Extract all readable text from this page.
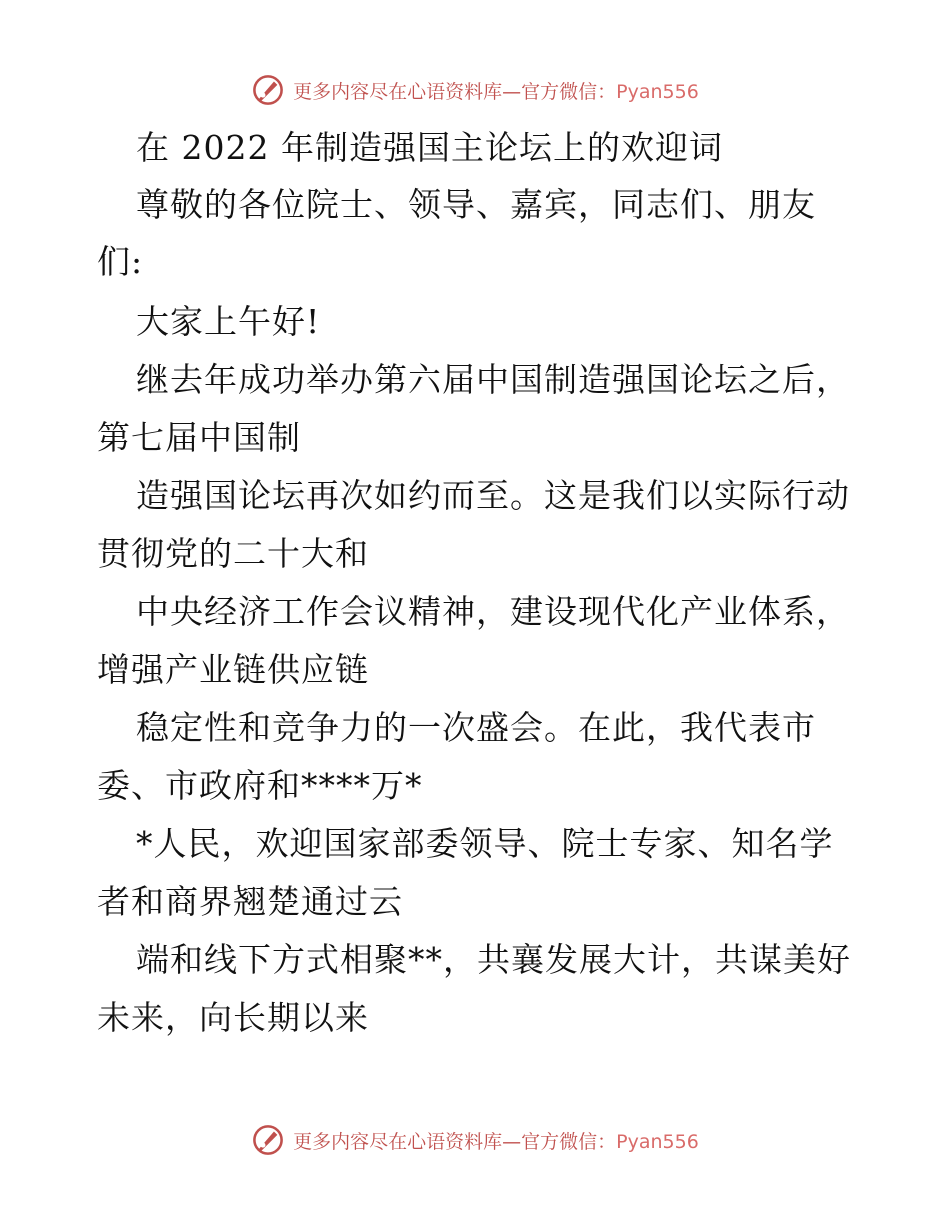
更多内容尽在心语资料库—官方微信： Pyan556

在 2022 年制造强国主论坛上的欢迎词

尊敬的各位院士、领导、嘉宾，同志们、朋友

们:

大家上午好!

继去年成功举办第六届中国制造强国论坛之后，

第七届中国制

造强国论坛再次如约而至。这是我们以实际行动

贯彻党的二十大和

中央经济工作会议精神，建设现代化产业体系，

增强产业链供应链

稳定性和竞争力的一次盛会。在此，我代表市

委、市政府和****万*

*人民，欢迎国家部委领导、院士专家、知名学

者和商界翘楚通过云

端和线下方式相聚**，共襄发展大计，共谋美好

未来，向长期以来

更多内容尽在心语资料库—官方微信： Pyan556
